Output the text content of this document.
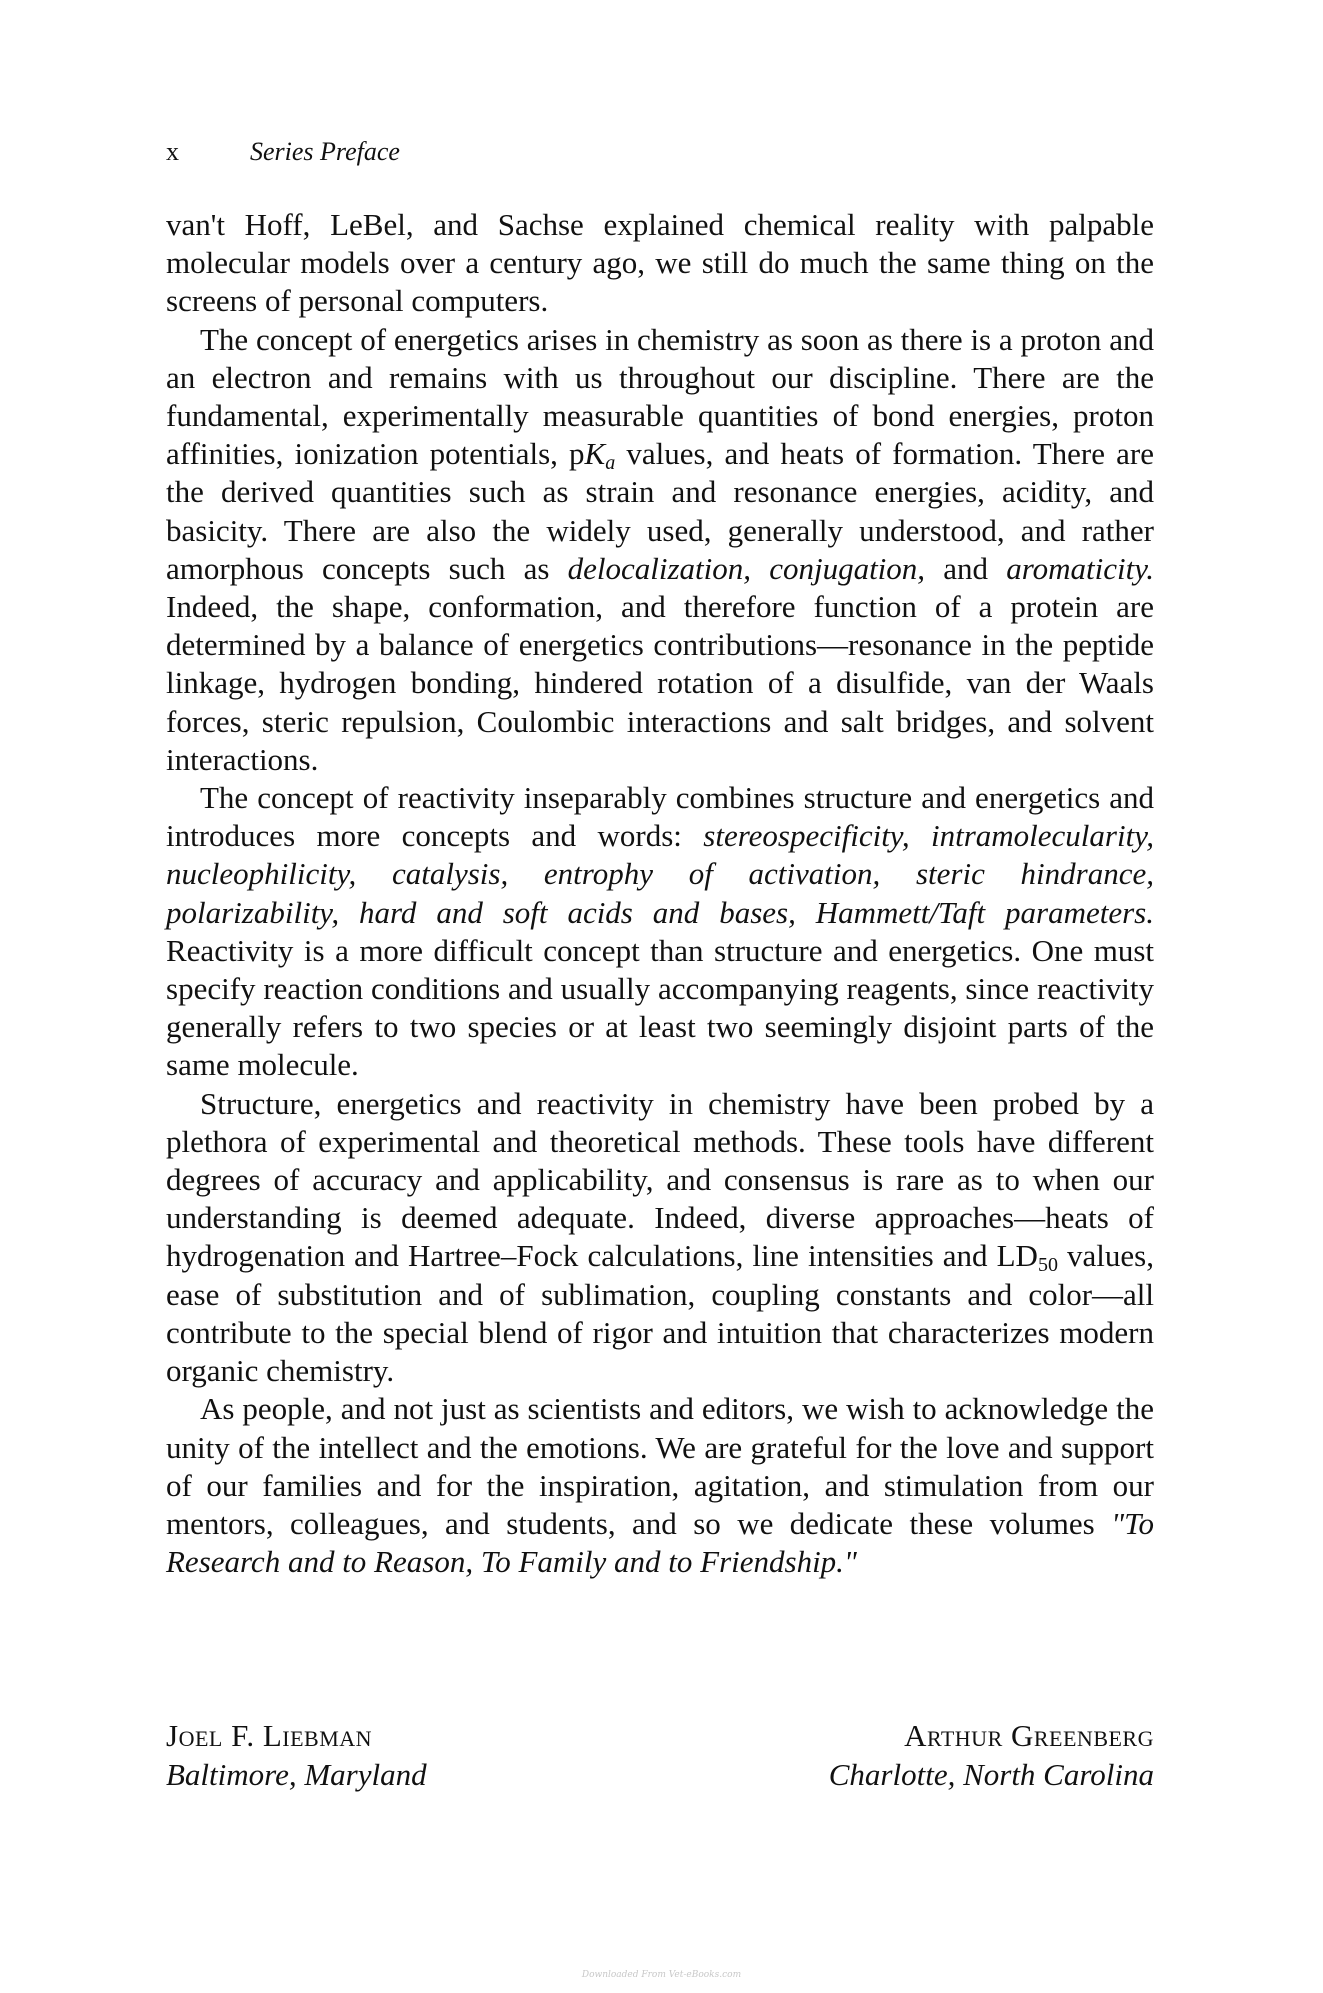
x	Series Preface

van't Hoff, LeBel, and Sachse explained chemical reality with palpable molecular models over a century ago, we still do much the same thing on the screens of personal computers.

The concept of energetics arises in chemistry as soon as there is a proton and an electron and remains with us throughout our discipline. There are the fundamental, experimentally measurable quantities of bond energies, proton affinities, ionization potentials, $pK_a$ values, and heats of formation. There are the derived quantities such as strain and resonance energies, acidity, and basicity. There are also the widely used, generally understood, and rather amorphous concepts such as delocalization, conjugation, and aromaticity. Indeed, the shape, conformation, and therefore function of a protein are determined by a balance of energetics contributions—resonance in the peptide linkage, hydrogen bonding, hindered rotation of a disulfide, van der Waals forces, steric repulsion, Coulombic interactions and salt bridges, and solvent interactions.

The concept of reactivity inseparably combines structure and energetics and introduces more concepts and words: stereospecificity, intramolecularity, nucleophilicity, catalysis, entrophy of activation, steric hindrance, polarizability, hard and soft acids and bases, Hammett/Taft parameters. Reactivity is a more difficult concept than structure and energetics. One must specify reaction conditions and usually accompanying reagents, since reactivity generally refers to two species or at least two seemingly disjoint parts of the same molecule.

Structure, energetics and reactivity in chemistry have been probed by a plethora of experimental and theoretical methods. These tools have different degrees of accuracy and applicability, and consensus is rare as to when our understanding is deemed adequate. Indeed, diverse approaches—heats of hydrogenation and Hartree–Fock calculations, line intensities and $LD_{50}$ values, ease of substitution and of sublimation, coupling constants and color—all contribute to the special blend of rigor and intuition that characterizes modern organic chemistry.

As people, and not just as scientists and editors, we wish to acknowledge the unity of the intellect and the emotions. We are grateful for the love and support of our families and for the inspiration, agitation, and stimulation from our mentors, colleagues, and students, and so we dedicate these volumes "To Research and to Reason, To Family and to Friendship."

Joel F. Liebman
Baltimore, Maryland
Arthur Greenberg
Charlotte, North Carolina
Downloaded From Vet-eBooks.com
